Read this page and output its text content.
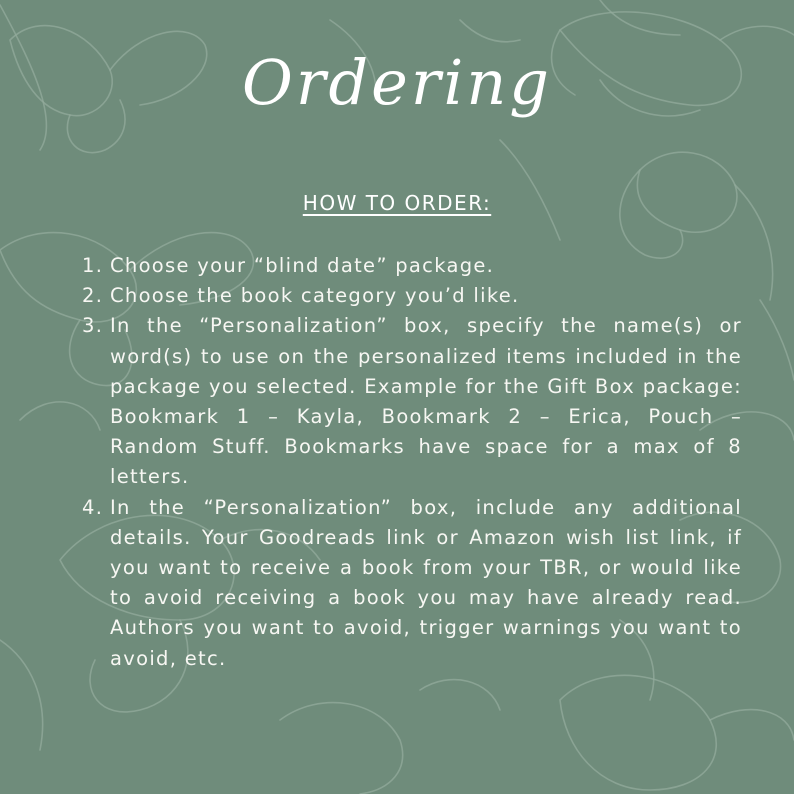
Ordering
HOW TO ORDER:
1. Choose your “blind date” package.
2. Choose the book category you’d like.
3. In the “Personalization” box, specify the name(s) or word(s) to use on the personalized items included in the package you selected. Example for the Gift Box package: Bookmark 1 – Kayla, Bookmark 2 – Erica, Pouch – Random Stuff. Bookmarks have space for a max of 8 letters.
4. In the “Personalization” box, include any additional details. Your Goodreads link or Amazon wish list link, if you want to receive a book from your TBR, or would like to avoid receiving a book you may have already read. Authors you want to avoid, trigger warnings you want to avoid, etc.
